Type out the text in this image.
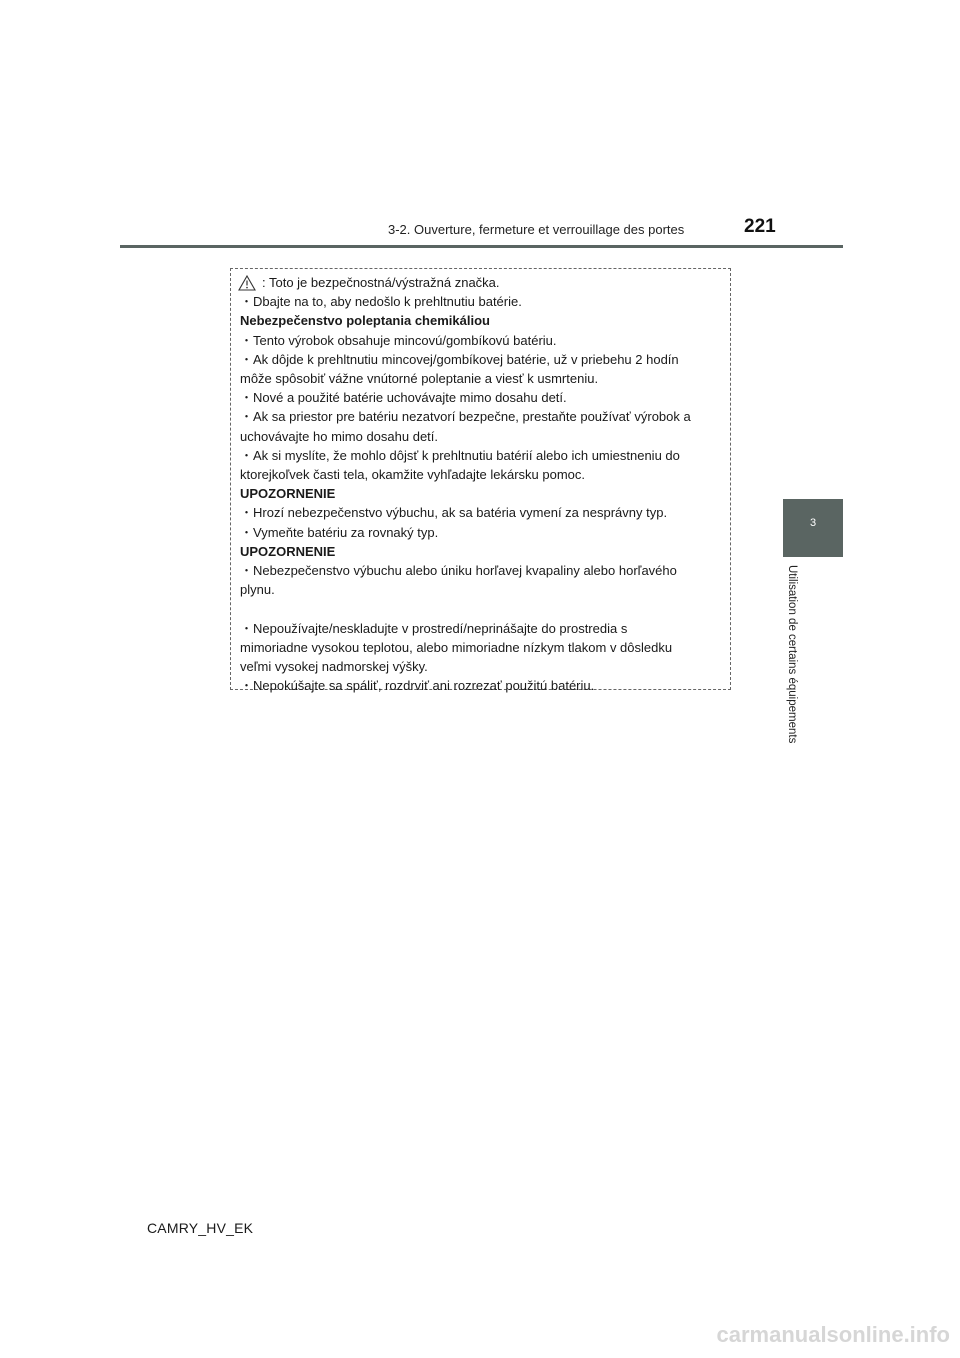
3-2. Ouverture, fermeture et verrouillage des portes	221
3
Utilisation de certains équipements
: Toto je bezpečnostná/výstražná značka.
・Dbajte na to, aby nedošlo k prehltnutiu batérie.
Nebezpečenstvo poleptania chemikáliou
・Tento výrobok obsahuje mincovú/gombíkovú batériu.
・Ak dôjde k prehltnutiu mincovej/gombíkovej batérie, už v priebehu 2 hodín
môže spôsobiť vážne vnútorné poleptanie a viesť k usmrteniu.
・Nové a použité batérie uchovávajte mimo dosahu detí.
・Ak sa priestor pre batériu nezatvorí bezpečne, prestaňte používať výrobok a
uchovávajte ho mimo dosahu detí.
・Ak si myslíte, že mohlo dôjsť k prehltnutiu batérií alebo ich umiestneniu do
ktorejkoľvek časti tela, okamžite vyhľadajte lekársku pomoc.
UPOZORNENIE
・Hrozí nebezpečenstvo výbuchu, ak sa batéria vymení za nesprávny typ.
・Vymeňte batériu za rovnaký typ.
UPOZORNENIE
・Nebezpečenstvo výbuchu alebo úniku horľavej kvapaliny alebo horľavého
plynu.
・Nepoužívajte/neskladujte v prostredí/neprinášajte do prostredia s
mimoriadne vysokou teplotou, alebo mimoriadne nízkym tlakom v dôsledku
veľmi vysokej nadmorskej výšky.
・Nepokúšajte sa spáliť, rozdrviť ani rozrezať použitú batériu.
CAMRY_HV_EK
carmanualsonline.info
